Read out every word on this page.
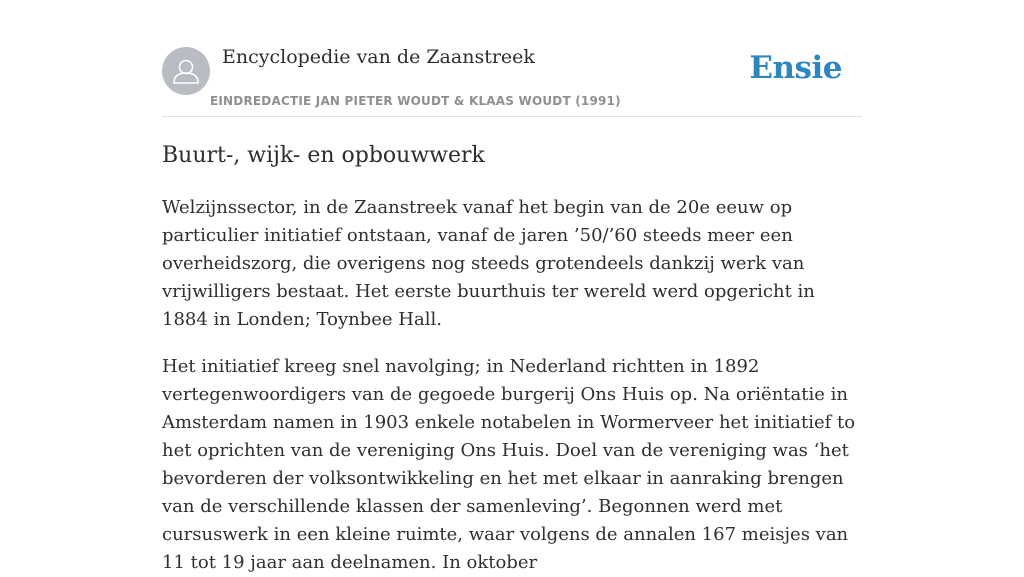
Encyclopedie van de Zaanstreek
EINDREDACTIE JAN PIETER WOUDT & KLAAS WOUDT (1991)
Ensie
Buurt-, wijk- en opbouwwerk

Welzijnssector, in de Zaanstreek vanaf het begin van de 20e eeuw op particulier initiatief ontstaan, vanaf de jaren ’50/’60 steeds meer een overheidszorg, die overigens nog steeds grotendeels dankzij werk van vrijwilligers bestaat. Het eerste buurthuis ter wereld werd opgericht in 1884 in Londen; Toynbee Hall.

Het initiatief kreeg snel navolging; in Nederland richtten in 1892 vertegenwoordigers van de gegoede burgerij Ons Huis op. Na oriëntatie in Amsterdam namen in 1903 enkele notabelen in Wormerveer het initiatief to het oprichten van de vereniging Ons Huis. Doel van de vereniging was ‘het bevorderen der volksontwikkeling en het met elkaar in aanraking brengen van de verschillende klassen der samenleving’. Begonnen werd met cursuswerk in een kleine ruimte, waar volgens de annalen 167 meisjes van 11 tot 19 jaar aan deelnamen. In oktober
